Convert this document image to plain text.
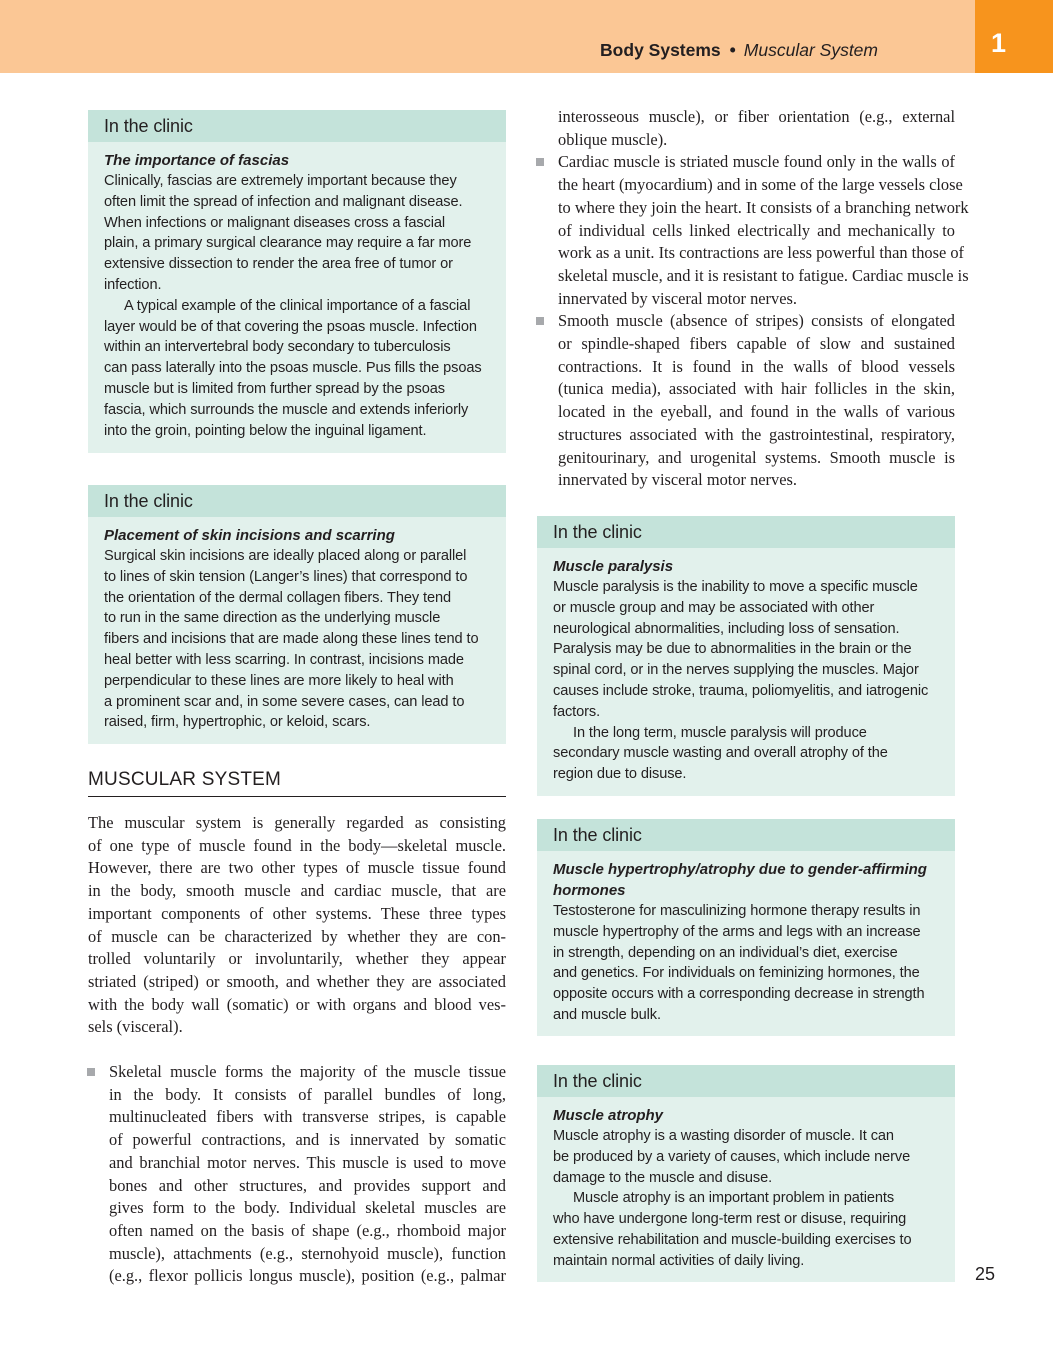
Body Systems • Muscular System	1
In the clinic
The importance of fascias
Clinically, fascias are extremely important because they
often limit the spread of infection and malignant disease.
When infections or malignant diseases cross a fascial
plain, a primary surgical clearance may require a far more
extensive dissection to render the area free of tumor or
infection.
A typical example of the clinical importance of a fascial
layer would be of that covering the psoas muscle. Infection
within an intervertebral body secondary to tuberculosis
can pass laterally into the psoas muscle. Pus fills the psoas
muscle but is limited from further spread by the psoas
fascia, which surrounds the muscle and extends inferiorly
into the groin, pointing below the inguinal ligament.
In the clinic
Placement of skin incisions and scarring
Surgical skin incisions are ideally placed along or parallel
to lines of skin tension (Langer’s lines) that correspond to
the orientation of the dermal collagen fibers. They tend
to run in the same direction as the underlying muscle
fibers and incisions that are made along these lines tend to
heal better with less scarring. In contrast, incisions made
perpendicular to these lines are more likely to heal with
a prominent scar and, in some severe cases, can lead to
raised, firm, hypertrophic, or keloid, scars.
MUSCULAR SYSTEM
The muscular system is generally regarded as consisting
of one type of muscle found in the body—skeletal muscle.
However, there are two other types of muscle tissue found
in the body, smooth muscle and cardiac muscle, that are
important components of other systems. These three types
of muscle can be characterized by whether they are con-
trolled voluntarily or involuntarily, whether they appear
striated (striped) or smooth, and whether they are associated
with the body wall (somatic) or with organs and blood ves-
sels (visceral).
Skeletal muscle forms the majority of the muscle tissue
in the body. It consists of parallel bundles of long,
multinucleated fibers with transverse stripes, is capable
of powerful contractions, and is innervated by somatic
and branchial motor nerves. This muscle is used to move
bones and other structures, and provides support and
gives form to the body. Individual skeletal muscles are
often named on the basis of shape (e.g., rhomboid major
muscle), attachments (e.g., sternohyoid muscle), function
(e.g., flexor pollicis longus muscle), position (e.g., palmar
interosseous muscle), or fiber orientation (e.g., external
oblique muscle).
Cardiac muscle is striated muscle found only in the walls of
the heart (myocardium) and in some of the large vessels close
to where they join the heart. It consists of a branching network
of individual cells linked electrically and mechanically to
work as a unit. Its contractions are less powerful than those of
skeletal muscle, and it is resistant to fatigue. Cardiac muscle is
innervated by visceral motor nerves.
Smooth muscle (absence of stripes) consists of elongated
or spindle-shaped fibers capable of slow and sustained
contractions. It is found in the walls of blood vessels
(tunica media), associated with hair follicles in the skin,
located in the eyeball, and found in the walls of various
structures associated with the gastrointestinal, respiratory,
genitourinary, and urogenital systems. Smooth muscle is
innervated by visceral motor nerves.
In the clinic
Muscle paralysis
Muscle paralysis is the inability to move a specific muscle
or muscle group and may be associated with other
neurological abnormalities, including loss of sensation.
Paralysis may be due to abnormalities in the brain or the
spinal cord, or in the nerves supplying the muscles. Major
causes include stroke, trauma, poliomyelitis, and iatrogenic
factors.
In the long term, muscle paralysis will produce
secondary muscle wasting and overall atrophy of the
region due to disuse.
In the clinic
Muscle hypertrophy/atrophy due to gender-affirming
hormones
Testosterone for masculinizing hormone therapy results in
muscle hypertrophy of the arms and legs with an increase
in strength, depending on an individual’s diet, exercise
and genetics. For individuals on feminizing hormones, the
opposite occurs with a corresponding decrease in strength
and muscle bulk.
In the clinic
Muscle atrophy
Muscle atrophy is a wasting disorder of muscle. It can
be produced by a variety of causes, which include nerve
damage to the muscle and disuse.
Muscle atrophy is an important problem in patients
who have undergone long-term rest or disuse, requiring
extensive rehabilitation and muscle-building exercises to
maintain normal activities of daily living.
25
